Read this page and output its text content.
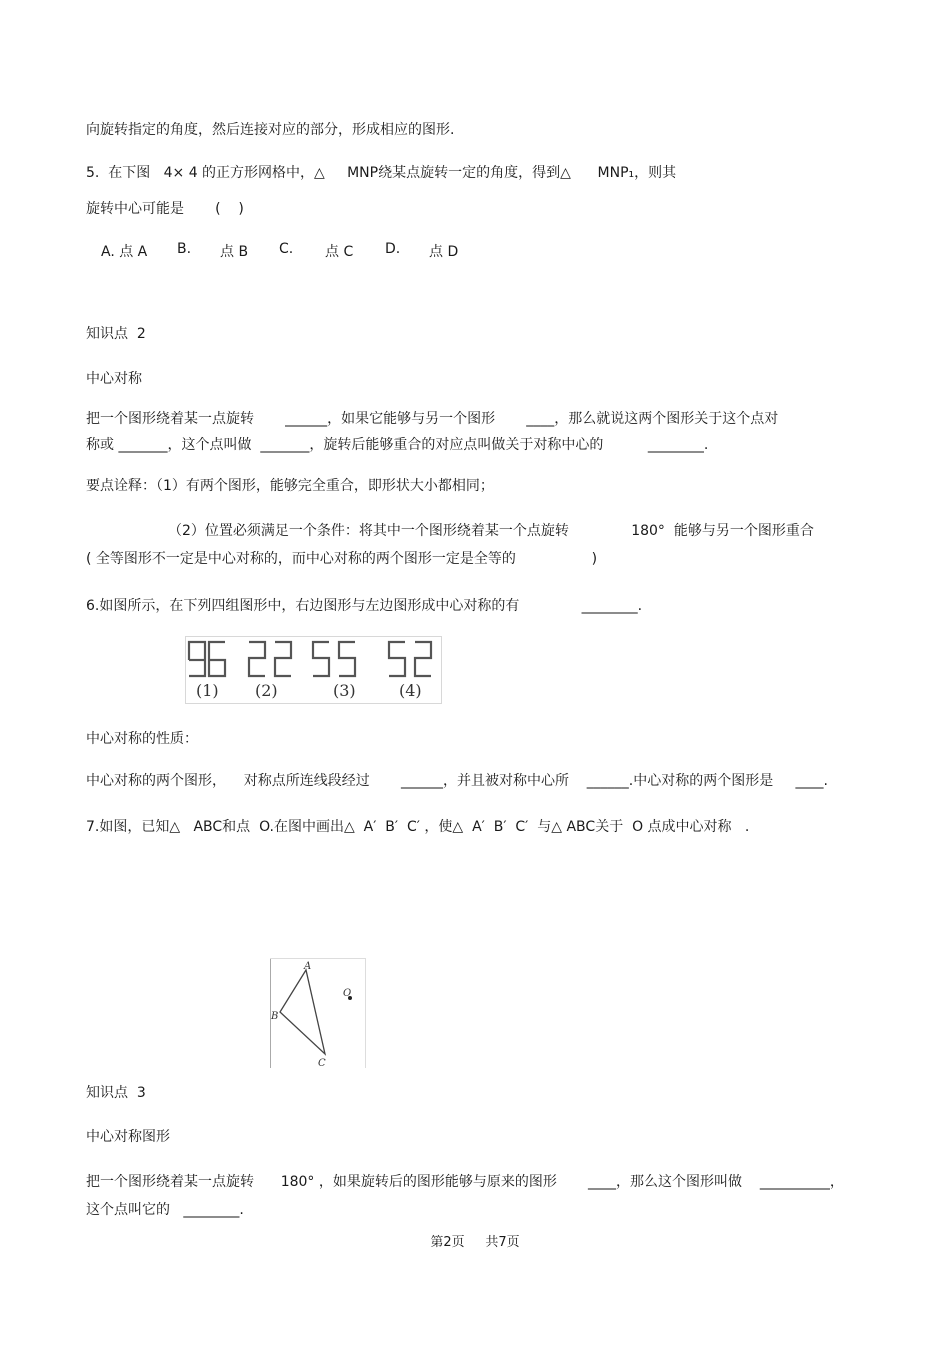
向旋转指定的角度，然后连接对应的部分，形成相应的图形.
5.  在下图   4× 4 的正方形网格中，△     MNP绕某点旋转一定的角度，得到△      MNP₁，则其
旋转中心可能是       (    )
A. 点 A B. 点 B C. 点 C D. 点 D
知识点  2
中心对称
把一个图形绕着某一点旋转       ______，如果它能够与另一个图形       ____，那么就说这两个图形关于这个点对
称或 _______，这个点叫做  _______，旋转后能够重合的对应点叫做关于对称中心的          ________.
要点诠释：（1）有两个图形，能够完全重合，即形状大小都相同；
（2）位置必须满足一个条件：将其中一个图形绕着某一个点旋转              180°  能够与另一个图形重合
( 全等图形不一定是中心对称的，而中心对称的两个图形一定是全等的                 )
6.如图所示，在下列四组图形中，右边图形与左边图形成中心对称的有              ________.
(1) (2)	(3)	(4)
中心对称的性质：
中心对称的两个图形，    对称点所连线段经过       ______，并且被对称中心所    ______.中心对称的两个图形是     ____.
7.如图，已知△   ABC和点  O.在图中画出△  A′  B′  C′ ，使△  A′  B′  C′  与△ ABC关于  O 点成中心对称   .
A
B
C
O
知识点  3
中心对称图形
把一个图形绕着某一点旋转      180° ，如果旋转后的图形能够与原来的图形       ____，那么这个图形叫做    __________，
这个点叫它的   ________.
第2页     共7页
